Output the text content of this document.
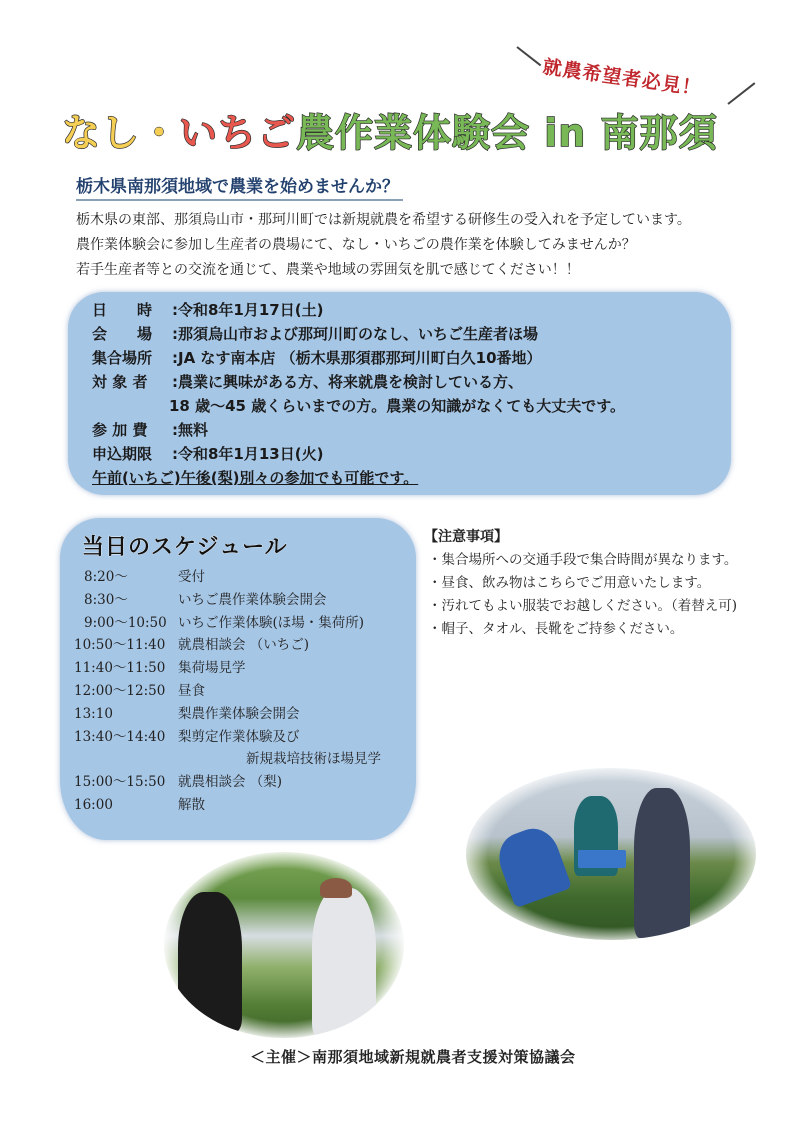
就農希望者必見！
なし・いちご農作業体験会 in 南那須
栃木県南那須地域で農業を始めませんか？
栃木県の東部、那須烏山市・那珂川町では新規就農を希望する研修生の受入れを予定しています。
農作業体験会に参加し生産者の農場にて、なし・いちごの農作業を体験してみませんか？
若手生産者等との交流を通じて、農業や地域の雰囲気を肌で感じてください！！
日　　時	: 令和8年1月17日(土)
会　　場	: 那須烏山市および那珂川町のなし、いちご生産者ほ場
集合場所	: JA なす南本店 （栃木県那須郡那珂川町白久10番地）
対 象 者	: 農業に興味がある方、将来就農を検討している方、
18 歳～45 歳くらいまでの方。農業の知識がなくても大丈夫です。
参 加 費	: 無料
申込期限	: 令和8年1月13日(火)
午前(いちご)午後(梨)別々の参加でも可能です。
当日のスケジュール
8:20～	受付
8:30～	いちご農作業体験会開会
9:00～10:50 いちご作業体験(ほ場・集荷所)
10:50～11:40 就農相談会 （いちご)
11:40～11:50 集荷場見学
12:00～12:50 昼食
13:10	梨農作業体験会開会
13:40～14:40 梨剪定作業体験及び
新規栽培技術ほ場見学
15:00～15:50 就農相談会 （梨)
16:00	解散
【注意事項】
・集合場所への交通手段で集合時間が異なります。
・昼食、飲み物はこちらでご用意いたします。
・汚れてもよい服装でお越しください。（着替え可)
・帽子、タオル、長靴をご持参ください。
＜主催＞南那須地域新規就農者支援対策協議会
